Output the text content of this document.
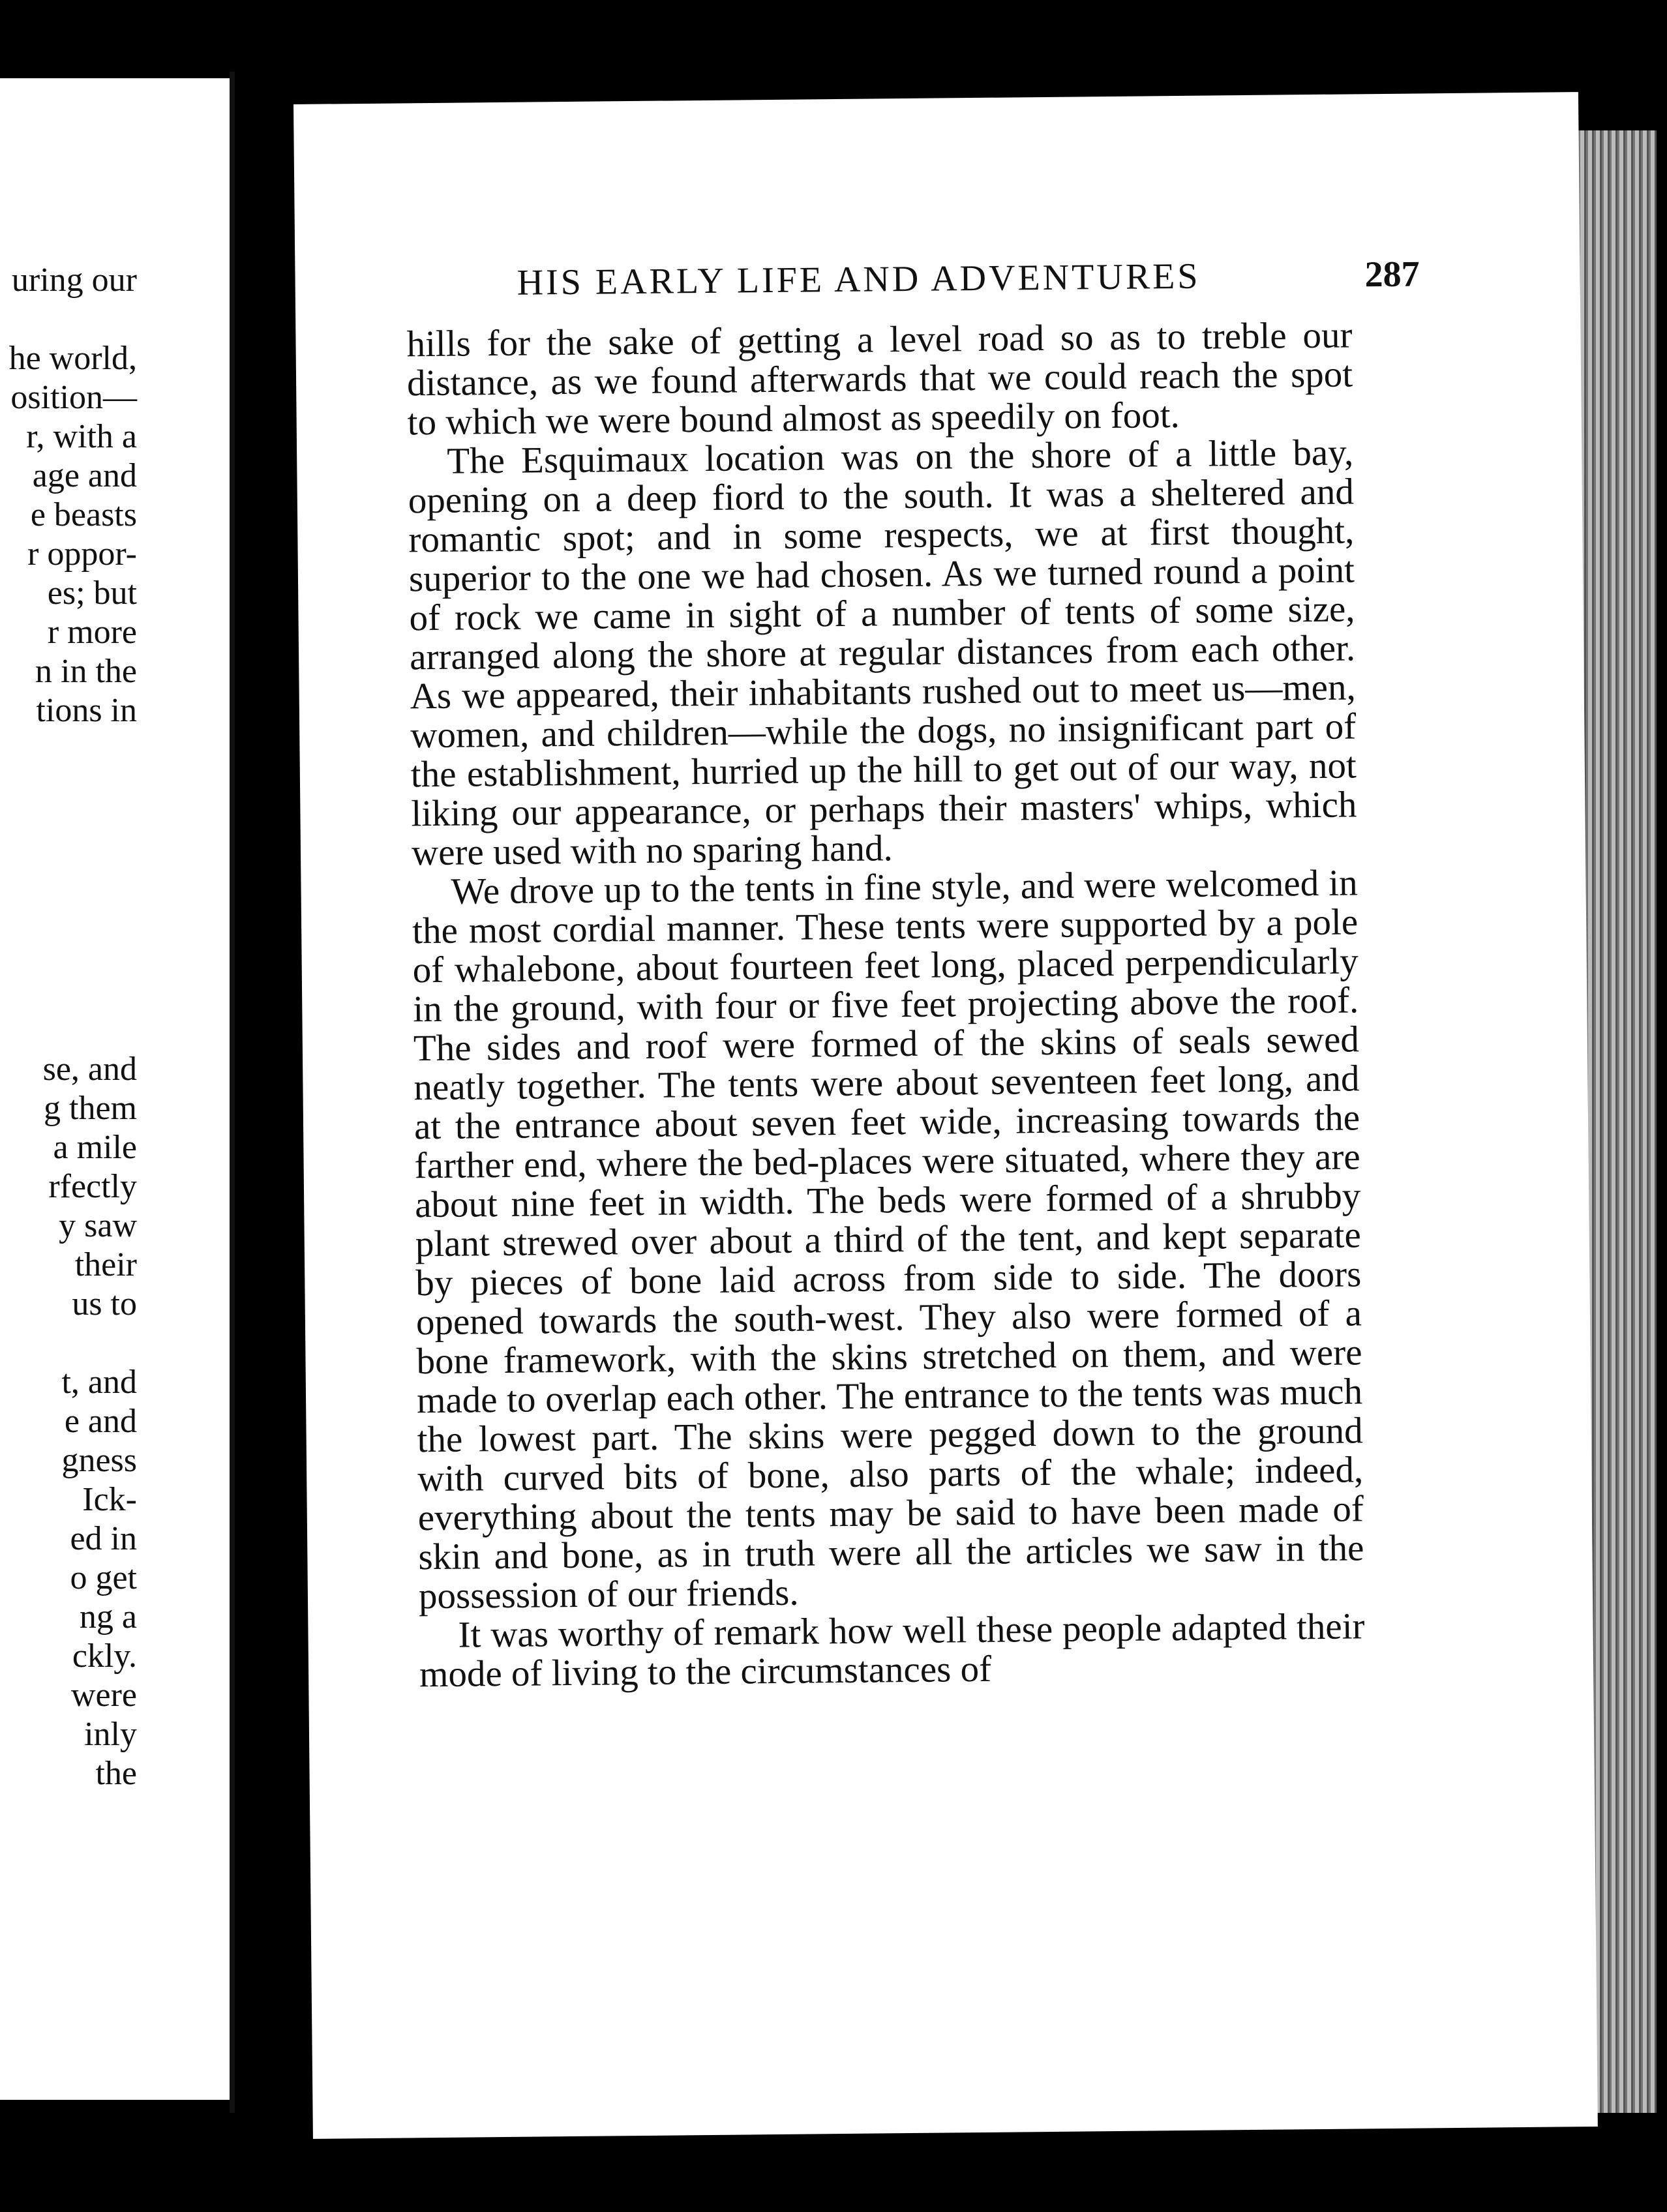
uring our
he world,
osition—
r, with a
age and
e beasts
r oppor-
es; but
r more
n in the
tions in
se, and
g them
a mile
rfectly
y saw
their
us to
t, and
e and
gness
Ick-
ed in
o get
ng a
ckly.
were
inly
the
HIS EARLY LIFE AND ADVENTURES	287

hills for the sake of getting a level road so as to treble our distance, as we found afterwards that we could reach the spot to which we were bound almost as speedily on foot.

The Esquimaux location was on the shore of a little bay, opening on a deep fiord to the south. It was a sheltered and romantic spot; and in some respects, we at first thought, superior to the one we had chosen. As we turned round a point of rock we came in sight of a number of tents of some size, arranged along the shore at regular distances from each other. As we appeared, their inhabitants rushed out to meet us—men, women, and children—while the dogs, no insignificant part of the establishment, hurried up the hill to get out of our way, not liking our appearance, or perhaps their masters' whips, which were used with no sparing hand.

We drove up to the tents in fine style, and were welcomed in the most cordial manner. These tents were supported by a pole of whalebone, about fourteen feet long, placed perpendicularly in the ground, with four or five feet projecting above the roof. The sides and roof were formed of the skins of seals sewed neatly together. The tents were about seventeen feet long, and at the entrance about seven feet wide, increasing towards the farther end, where the bed-places were situated, where they are about nine feet in width. The beds were formed of a shrubby plant strewed over about a third of the tent, and kept separate by pieces of bone laid across from side to side. The doors opened towards the south-west. They also were formed of a bone framework, with the skins stretched on them, and were made to overlap each other. The entrance to the tents was much the lowest part. The skins were pegged down to the ground with curved bits of bone, also parts of the whale; indeed, everything about the tents may be said to have been made of skin and bone, as in truth were all the articles we saw in the possession of our friends.

It was worthy of remark how well these people adapted their mode of living to the circumstances of
